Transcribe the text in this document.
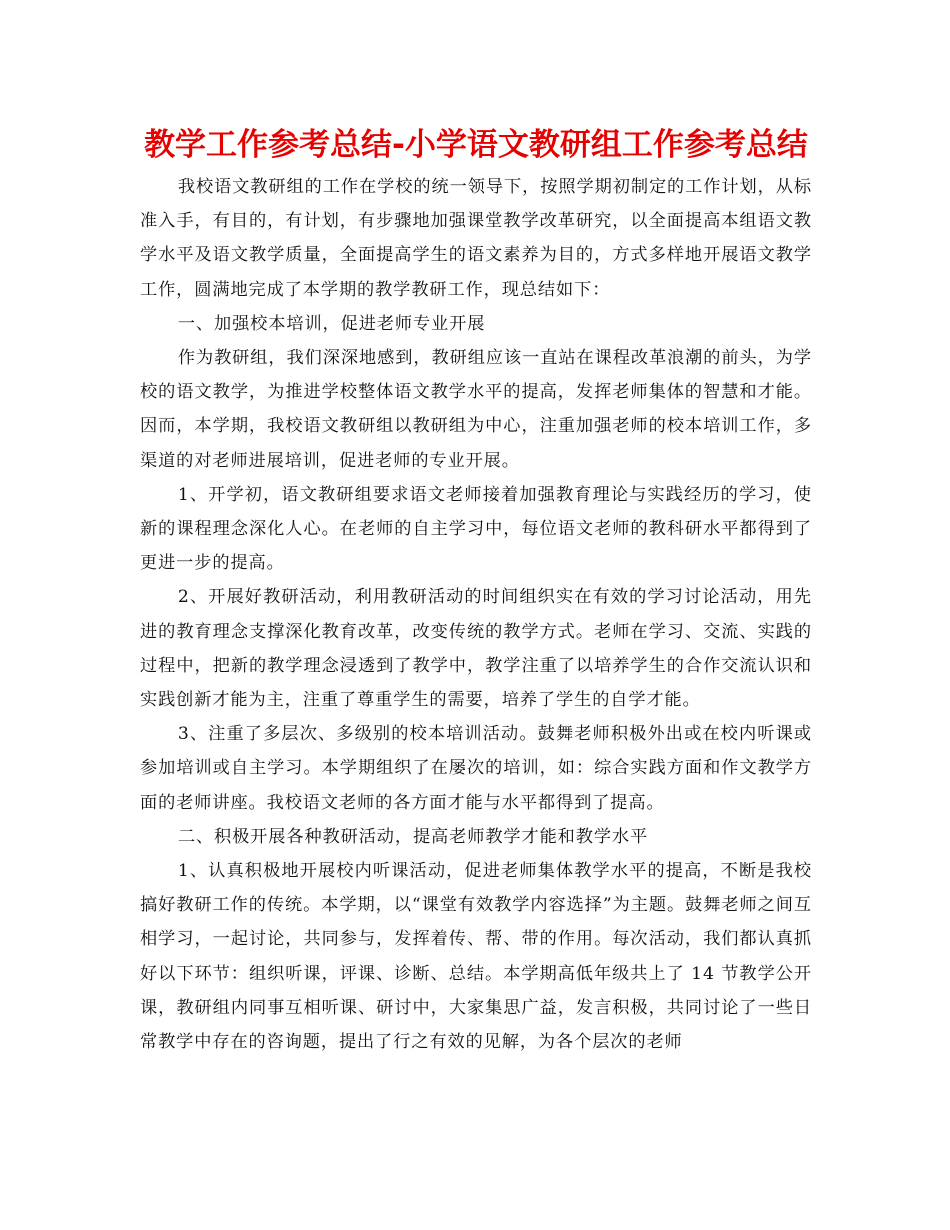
教学工作参考总结-小学语文教研组工作参考总结

我校语文教研组的工作在学校的统一领导下，按照学期初制定的工作计划，从标准入手，有目的，有计划，有步骤地加强课堂教学改革研究，以全面提高本组语文教学水平及语文教学质量，全面提高学生的语文素养为目的，方式多样地开展语文教学工作，圆满地完成了本学期的教学教研工作，现总结如下：

一、加强校本培训，促进老师专业开展

作为教研组，我们深深地感到，教研组应该一直站在课程改革浪潮的前头，为学校的语文教学，为推进学校整体语文教学水平的提高，发挥老师集体的智慧和才能。因而，本学期，我校语文教研组以教研组为中心，注重加强老师的校本培训工作，多渠道的对老师进展培训，促进老师的专业开展。

1、开学初，语文教研组要求语文老师接着加强教育理论与实践经历的学习，使新的课程理念深化人心。在老师的自主学习中，每位语文老师的教科研水平都得到了更进一步的提高。

2、开展好教研活动，利用教研活动的时间组织实在有效的学习讨论活动，用先进的教育理念支撑深化教育改革，改变传统的教学方式。老师在学习、交流、实践的过程中，把新的教学理念浸透到了教学中，教学注重了以培养学生的合作交流认识和实践创新才能为主，注重了尊重学生的需要，培养了学生的自学才能。

3、注重了多层次、多级别的校本培训活动。鼓舞老师积极外出或在校内听课或参加培训或自主学习。本学期组织了在屡次的培训，如：综合实践方面和作文教学方面的老师讲座。我校语文老师的各方面才能与水平都得到了提高。

二、积极开展各种教研活动，提高老师教学才能和教学水平

1、认真积极地开展校内听课活动，促进老师集体教学水平的提高，不断是我校搞好教研工作的传统。本学期，以“课堂有效教学内容选择”为主题。鼓舞老师之间互相学习，一起讨论，共同参与，发挥着传、帮、带的作用。每次活动，我们都认真抓好以下环节：组织听课，评课、诊断、总结。本学期高低年级共上了 14 节教学公开课，教研组内同事互相听课、研讨中，大家集思广益，发言积极，共同讨论了一些日常教学中存在的咨询题，提出了行之有效的见解，为各个层次的老师
